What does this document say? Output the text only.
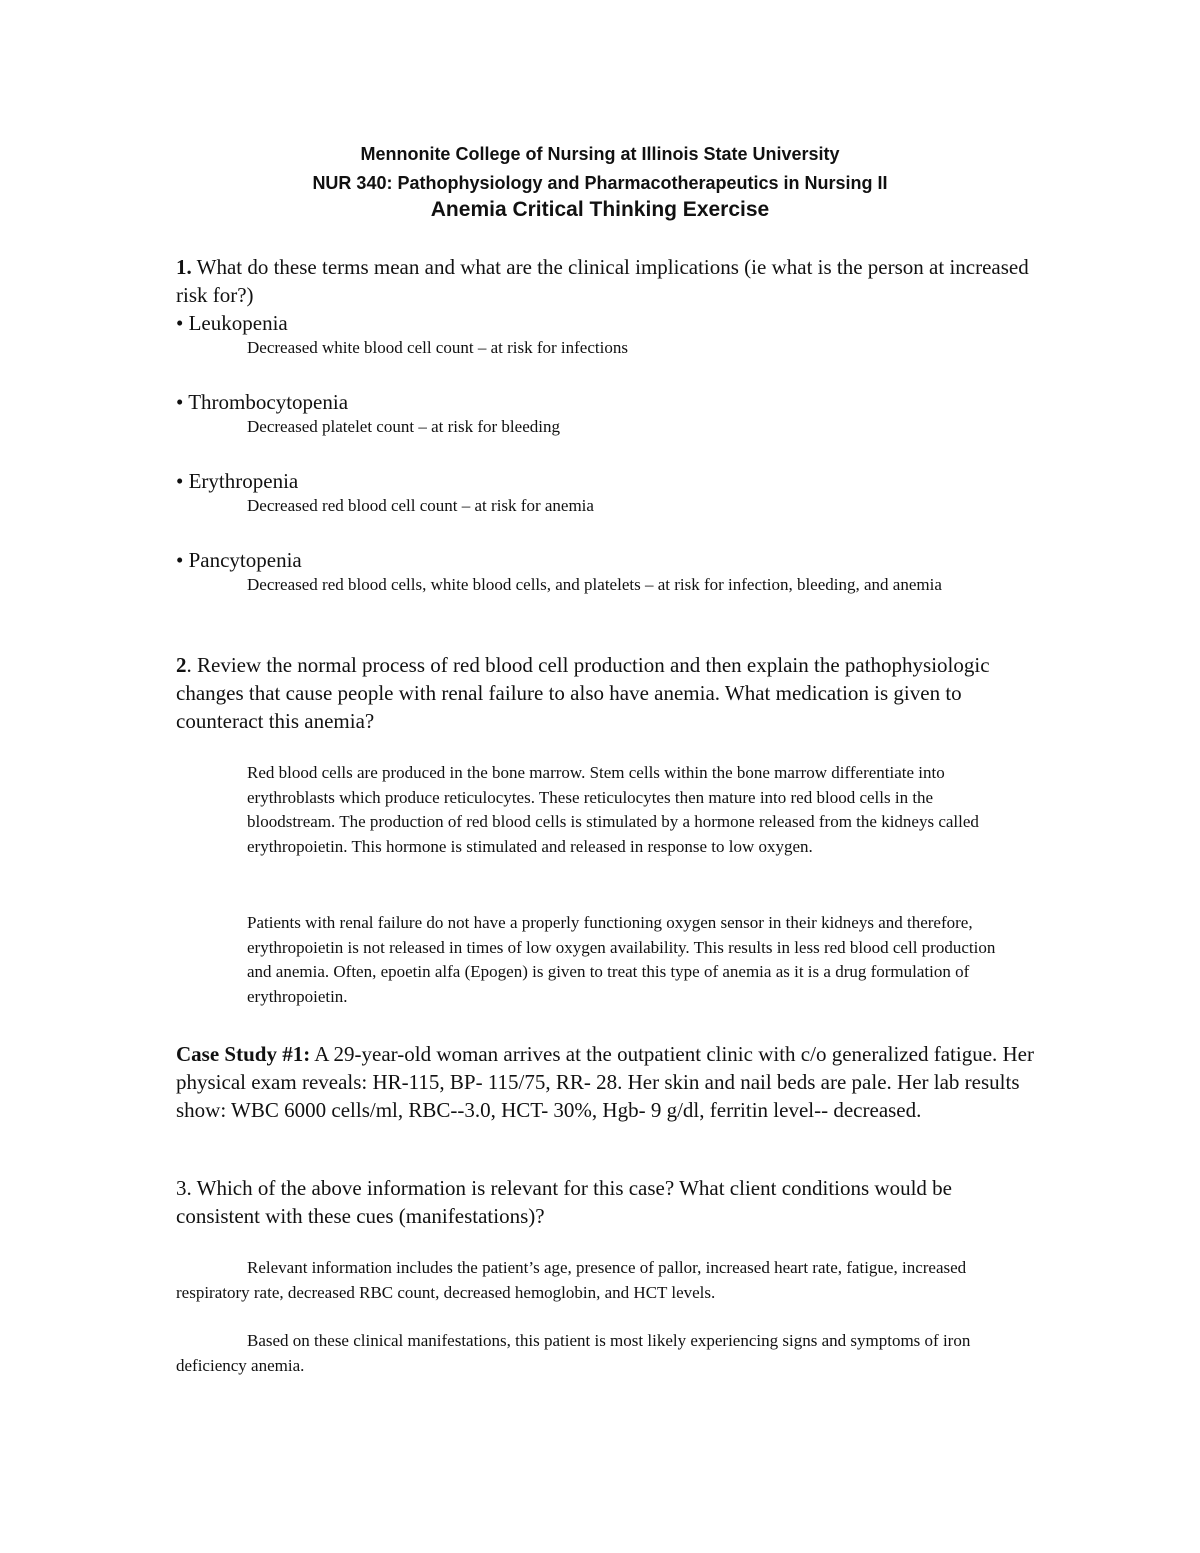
Mennonite College of Nursing at Illinois State University
NUR 340: Pathophysiology and Pharmacotherapeutics in Nursing II
Anemia Critical Thinking Exercise
1. What do these terms mean and what are the clinical implications (ie what is the person at increased risk for?)
• Leukopenia
Decreased white blood cell count – at risk for infections
• Thrombocytopenia
Decreased platelet count – at risk for bleeding
• Erythropenia
Decreased red blood cell count – at risk for anemia
• Pancytopenia
Decreased red blood cells, white blood cells, and platelets – at risk for infection, bleeding, and anemia
2. Review the normal process of red blood cell production and then explain the pathophysiologic changes that cause people with renal failure to also have anemia. What medication is given to counteract this anemia?
Red blood cells are produced in the bone marrow. Stem cells within the bone marrow differentiate into erythroblasts which produce reticulocytes. These reticulocytes then mature into red blood cells in the bloodstream. The production of red blood cells is stimulated by a hormone released from the kidneys called erythropoietin. This hormone is stimulated and released in response to low oxygen.
Patients with renal failure do not have a properly functioning oxygen sensor in their kidneys and therefore, erythropoietin is not released in times of low oxygen availability. This results in less red blood cell production and anemia. Often, epoetin alfa (Epogen) is given to treat this type of anemia as it is a drug formulation of erythropoietin.
Case Study #1: A 29-year-old woman arrives at the outpatient clinic with c/o generalized fatigue. Her physical exam reveals: HR-115, BP- 115/75, RR- 28. Her skin and nail beds are pale. Her lab results show: WBC 6000 cells/ml, RBC--3.0, HCT- 30%, Hgb- 9 g/dl, ferritin level-- decreased.
3. Which of the above information is relevant for this case? What client conditions would be consistent with these cues (manifestations)?
Relevant information includes the patient’s age, presence of pallor, increased heart rate, fatigue, increased respiratory rate, decreased RBC count, decreased hemoglobin, and HCT levels.
Based on these clinical manifestations, this patient is most likely experiencing signs and symptoms of iron deficiency anemia.
